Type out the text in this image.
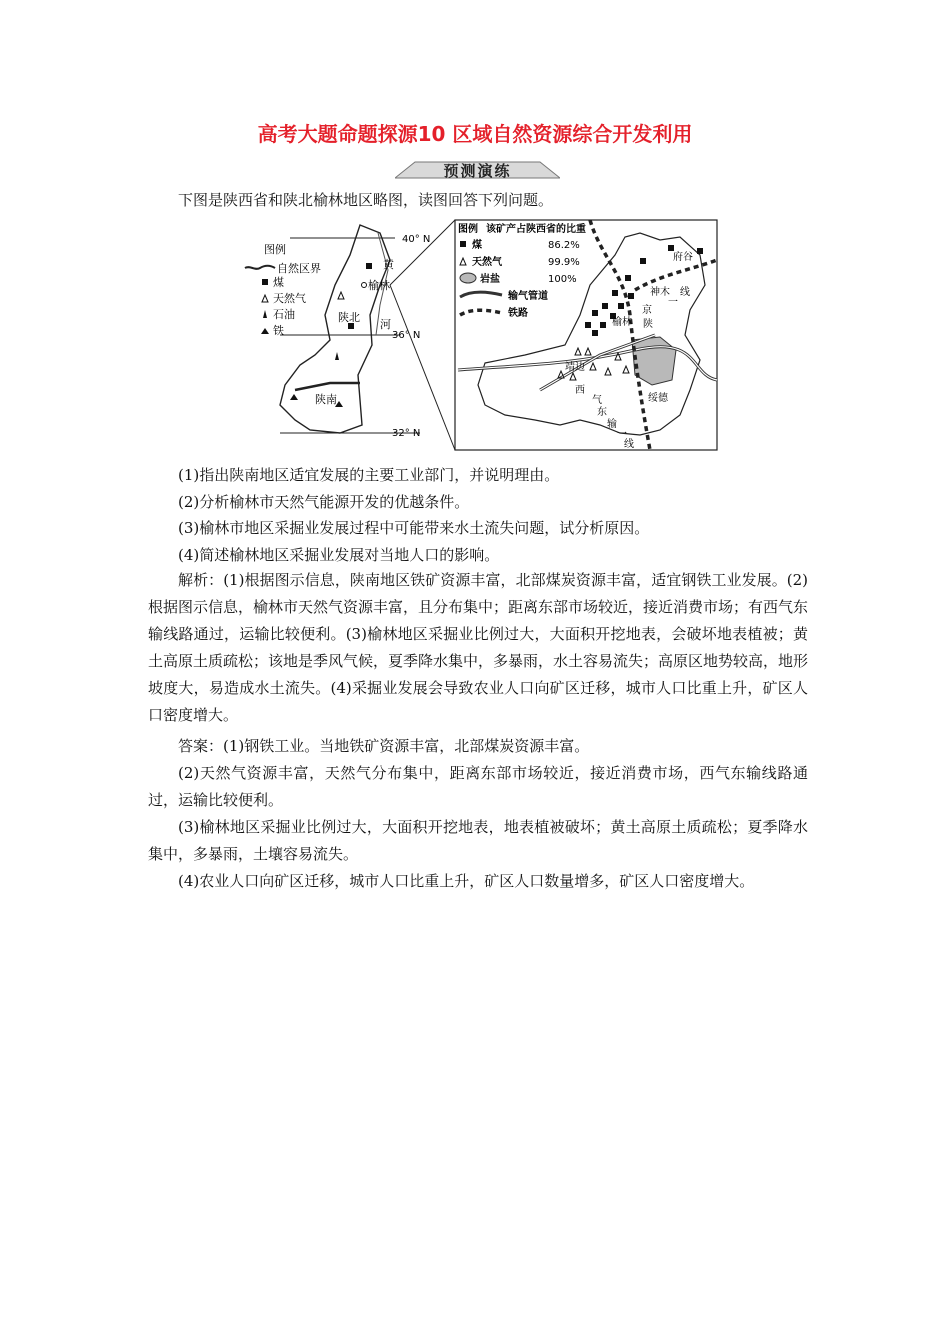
高考大题命题探源10 区域自然资源综合开发利用
预测演练
下图是陕西省和陕北榆林地区略图，读图回答下列问题。
图例
自然区界
煤
天然气
石油
铁
40° N
36° N
32° N
黄
榆林
陕北
河
陕南
图例 该矿产占陕西省的比重
煤	86.2%
天然气	99.9%
岩盐	100%
输气管道
铁路
府谷
榆林
靖边
绥德
神木
一
线
京
陕
西
气
东
输
一
线

(1)指出陕南地区适宜发展的主要工业部门，并说明理由。

(2)分析榆林市天然气能源开发的优越条件。

(3)榆林市地区采掘业发展过程中可能带来水土流失问题，试分析原因。

(4)简述榆林地区采掘业发展对当地人口的影响。

解析：(1)根据图示信息，陕南地区铁矿资源丰富，北部煤炭资源丰富，适宜钢铁工业发展。(2)根据图示信息，榆林市天然气资源丰富，且分布集中；距离东部市场较近，接近消费市场；有西气东输线路通过，运输比较便利。(3)榆林地区采掘业比例过大，大面积开挖地表，会破坏地表植被；黄土高原土质疏松；该地是季风气候，夏季降水集中，多暴雨，水土容易流失；高原区地势较高，地形坡度大，易造成水土流失。(4)采掘业发展会导致农业人口向矿区迁移，城市人口比重上升，矿区人口密度增大。

答案：(1)钢铁工业。当地铁矿资源丰富，北部煤炭资源丰富。

(2)天然气资源丰富，天然气分布集中，距离东部市场较近，接近消费市场，西气东输线路通过，运输比较便利。

(3)榆林地区采掘业比例过大，大面积开挖地表，地表植被破坏；黄土高原土质疏松；夏季降水集中，多暴雨，土壤容易流失。

(4)农业人口向矿区迁移，城市人口比重上升，矿区人口数量增多，矿区人口密度增大。
